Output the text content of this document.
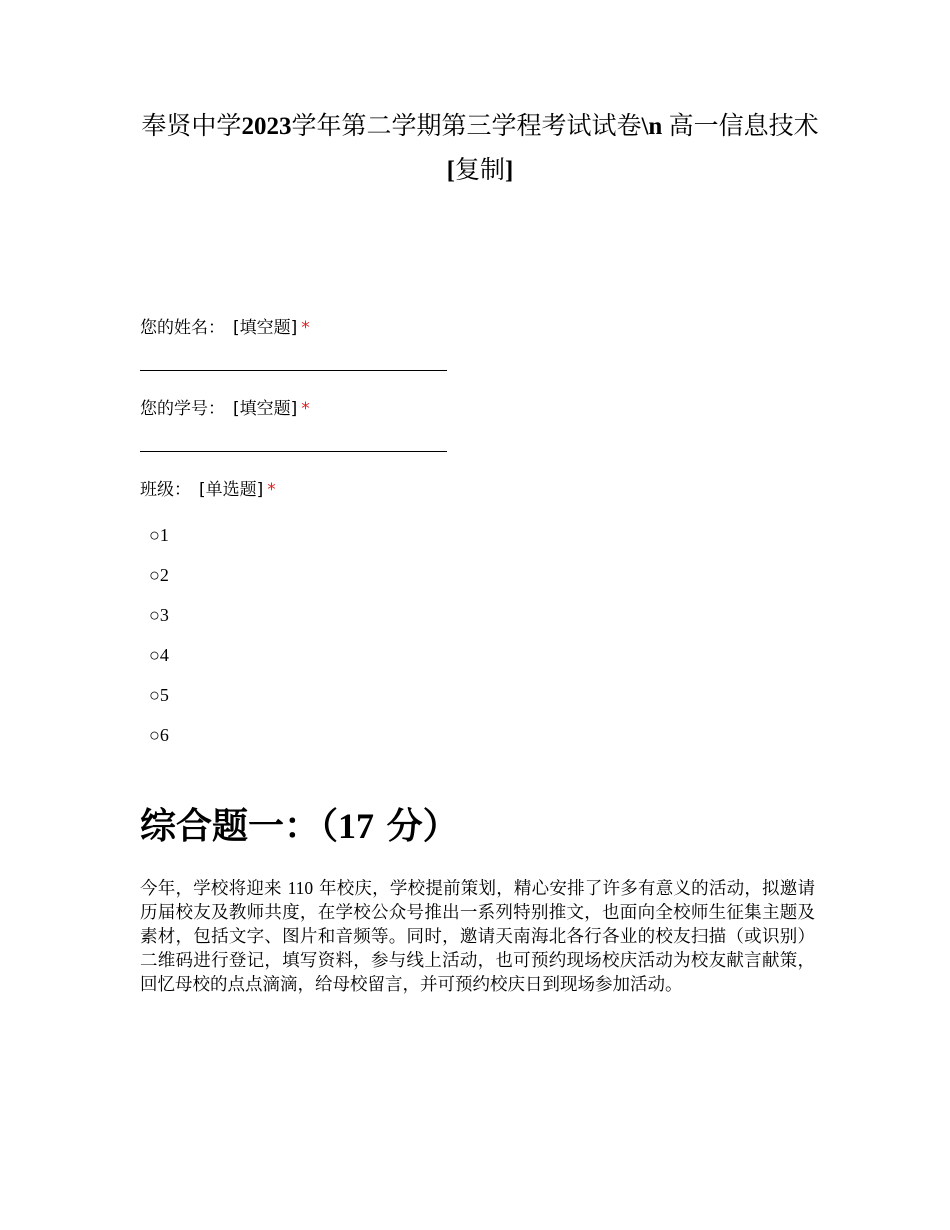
奉贤中学2023学年第二学期第三学程考试试卷\n 高一信息技术[复制]
您的姓名： [填空题] *
您的学号： [填空题] *
班级： [单选题] *
○1
○2
○3
○4
○5
○6
综合题一：（17 分）

今年，学校将迎来 110 年校庆，学校提前策划，精心安排了许多有意义的活动，拟邀请历届校友及教师共度，在学校公众号推出一系列特别推文，也面向全校师生征集主题及素材，包括文字、图片和音频等。同时，邀请天南海北各行各业的校友扫描（或识别）二维码进行登记，填写资料，参与线上活动，也可预约现场校庆活动为校友献言献策，回忆母校的点点滴滴，给母校留言，并可预约校庆日到现场参加活动。
